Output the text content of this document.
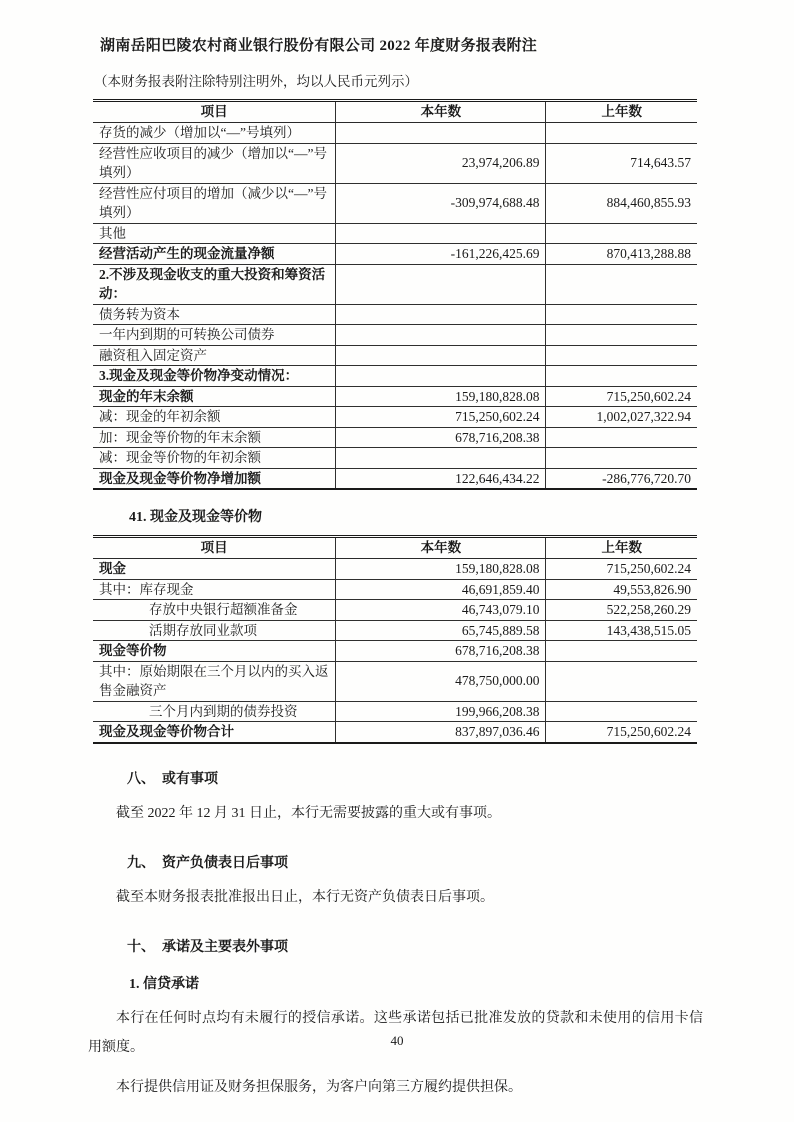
湖南岳阳巴陵农村商业银行股份有限公司 2022 年度财务报表附注
（本财务报表附注除特别注明外，均以人民币元列示）
项目	本年数	上年数
存货的减少（增加以“—”号填列）		
经营性应收项目的减少（增加以“—”号填列）	23,974,206.89	714,643.57
经营性应付项目的增加（减少以“—”号填列）	-309,974,688.48	884,460,855.93
其他		
经营活动产生的现金流量净额	-161,226,425.69	870,413,288.88
2.不涉及现金收支的重大投资和筹资活动：		
债务转为资本		
一年内到期的可转换公司债券		
融资租入固定资产		
3.现金及现金等价物净变动情况：		
现金的年末余额	159,180,828.08	715,250,602.24
减：现金的年初余额	715,250,602.24	1,002,027,322.94
加：现金等价物的年末余额	678,716,208.38	
减：现金等价物的年初余额		
现金及现金等价物净增加额	122,646,434.22	-286,776,720.70
41. 现金及现金等价物
项目	本年数	上年数
现金	159,180,828.08	715,250,602.24
其中：库存现金	46,691,859.40	49,553,826.90
存放中央银行超额准备金	46,743,079.10	522,258,260.29
活期存放同业款项	65,745,889.58	143,438,515.05
现金等价物	678,716,208.38	
其中：原始期限在三个月以内的买入返售金融资产	478,750,000.00	
三个月内到期的债券投资	199,966,208.38	
现金及现金等价物合计	837,897,036.46	715,250,602.24
八、　或有事项
截至 2022 年 12 月 31 日止，本行无需要披露的重大或有事项。
九、　资产负债表日后事项
截至本财务报表批准报出日止，本行无资产负债表日后事项。
十、　承诺及主要表外事项
1. 信贷承诺
本行在任何时点均有未履行的授信承诺。这些承诺包括已批准发放的贷款和未使用的信用卡信用额度。
本行提供信用证及财务担保服务，为客户向第三方履约提供担保。
40
